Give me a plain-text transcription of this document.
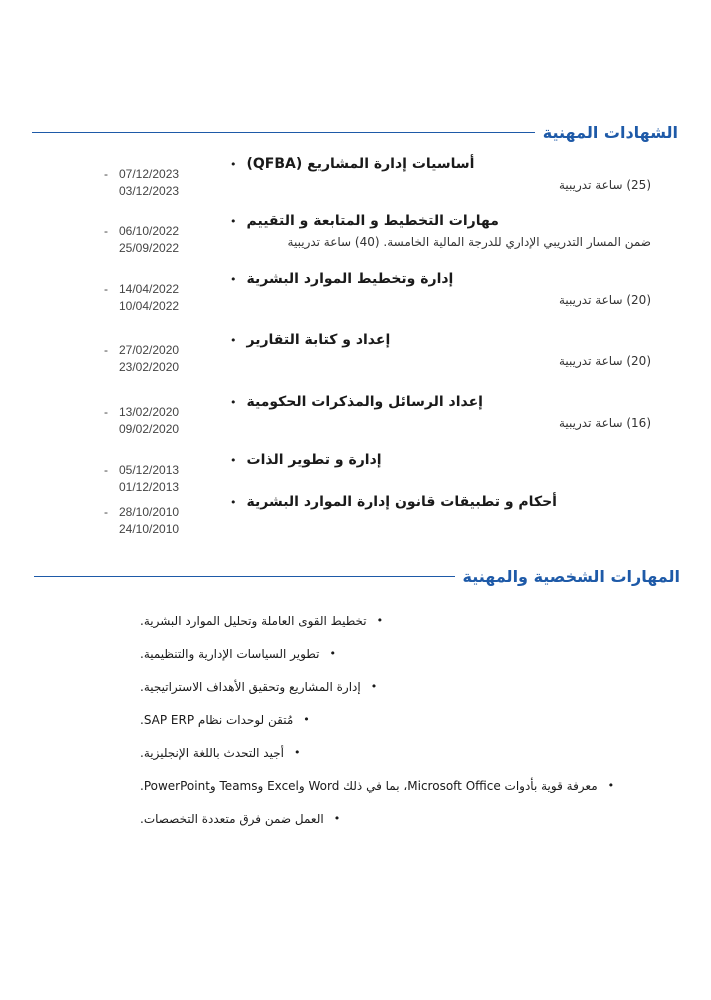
الشهادات المهنية
• أساسيات إدارة المشاريع (QFBA)
(25) ساعة تدريبية
- 07/12/2023
03/12/2023
• مهارات التخطيط و المتابعة و التقييم
ضمن المسار التدريبي الإداري للدرجة المالية الخامسة. (40) ساعة تدريبية
- 06/10/2022
25/09/2022
• إدارة وتخطيط الموارد البشرية
(20) ساعة تدريبية
- 14/04/2022
10/04/2022
• إعداد و كتابة التقارير
(20) ساعة تدريبية
- 27/02/2020
23/02/2020
• إعداد الرسائل والمذكرات الحكومية
(16) ساعة تدريبية
- 13/02/2020
09/02/2020
• إدارة و تطوير الذات
- 05/12/2013
01/12/2013
• أحكام و تطبيقات قانون إدارة الموارد البشرية
- 28/10/2010
24/10/2010
المهارات الشخصية والمهنية
•
تخطيط القوى العاملة وتحليل الموارد البشرية.
•
تطوير السياسات الإدارية والتنظيمية.
•
إدارة المشاريع وتحقيق الأهداف الاستراتيجية.
•
مُتقن لوحدات نظام SAP ERP.
•
أجيد التحدث باللغة الإنجليزية.
•
معرفة قوية بأدوات Microsoft Office، بما في ذلك Word وExcel وTeams وPowerPoint.
•
العمل ضمن فرق متعددة التخصصات.
